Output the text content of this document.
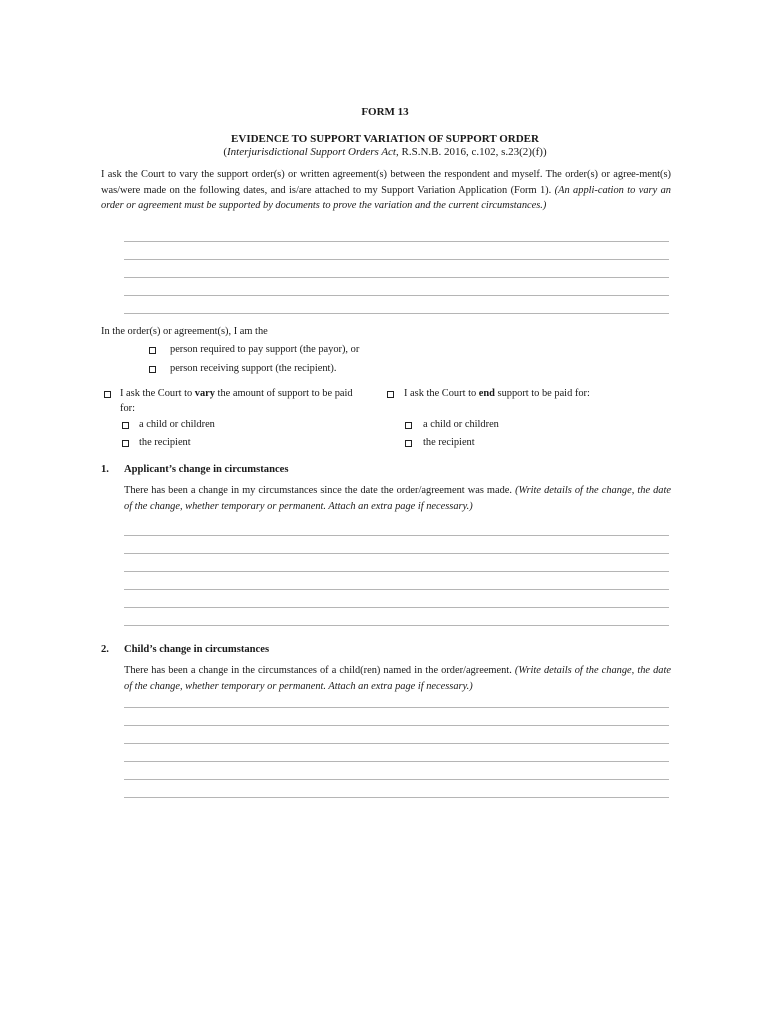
FORM 13
EVIDENCE TO SUPPORT VARIATION OF SUPPORT ORDER
(Interjurisdictional Support Orders Act, R.S.N.B. 2016, c.102, s.23(2)(f))
I ask the Court to vary the support order(s) or written agreement(s) between the respondent and myself. The order(s) or agree-ment(s) was/were made on the following dates, and is/are attached to my Support Variation Application (Form 1). (An appli-cation to vary an order or agreement must be supported by documents to prove the variation and the current circumstances.)
In the order(s) or agreement(s), I am the
person required to pay support (the payor), or
person receiving support (the recipient).
I ask the Court to vary the amount of support to be paid
for:
a child or children
the recipient
I ask the Court to end support to be paid for:
a child or children
the recipient
1. Applicant’s change in circumstances
There has been a change in my circumstances since the date the order/agreement was made. (Write details of the change, the date of the change, whether temporary or permanent. Attach an extra page if necessary.)
2. Child’s change in circumstances
There has been a change in the circumstances of a child(ren) named in the order/agreement. (Write details of the change, the date of the change, whether temporary or permanent. Attach an extra page if necessary.)
